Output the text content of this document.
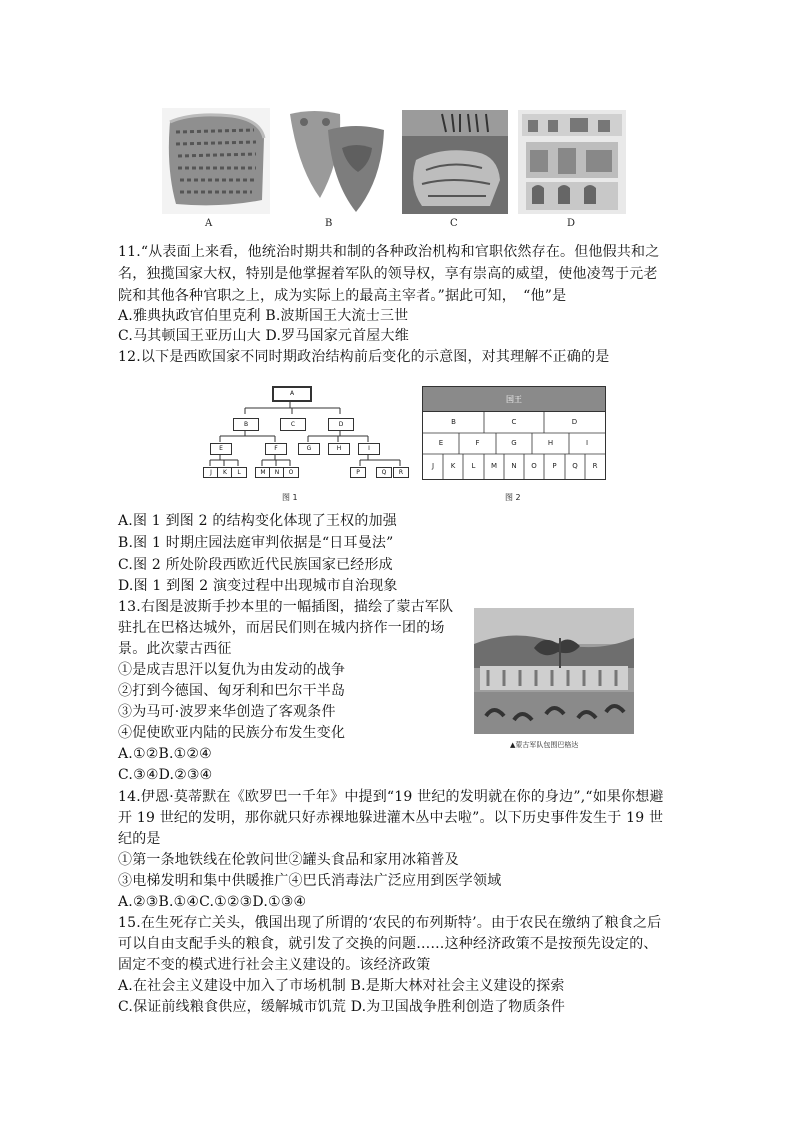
A	B	C	D
11.“从表面上来看，他统治时期共和制的各种政治机构和官职依然存在。但他假共和之
名，独揽国家大权，特别是他掌握着军队的领导权，享有崇高的威望，使他凌驾于元老
院和其他各种官职之上，成为实际上的最高主宰者。”据此可知，　“他”是
A.雅典执政官伯里克利 B.波斯国王大流士三世
C.马其顿国王亚历山大 D.罗马国家元首屋大维
12.以下是西欧国家不同时期政治结构前后变化的示意图，对其理解不正确的是
A
B	C	D
E	F	G	H	I
J	K	L	M	N	O	P	Q	R
图 1
国王
B	C	D
E	F	G	H	I
J	K	L	M	N	O	P	Q	R
图 2
A.图 1 到图 2 的结构变化体现了王权的加强
B.图 1 时期庄园法庭审判依据是“日耳曼法”
C.图 2 所处阶段西欧近代民族国家已经形成
D.图 1 到图 2 演变过程中出现城市自治现象
13.右图是波斯手抄本里的一幅插图，描绘了蒙古军队
驻扎在巴格达城外，而居民们则在城内挤作一团的场
景。此次蒙古西征
①是成吉思汗以复仇为由发动的战争
②打到今德国、匈牙利和巴尔干半岛
③为马可·波罗来华创造了客观条件
④促使欧亚内陆的民族分布发生变化
A.①②B.①②④
C.③④D.②③④
▲蒙古军队包围巴格达
14.伊恩·莫蒂默在《欧罗巴一千年》中提到“19 世纪的发明就在你的身边”,“如果你想避
开 19 世纪的发明，那你就只好赤裸地躲进灌木丛中去啦”。以下历史事件发生于 19 世
纪的是
①第一条地铁线在伦敦问世②罐头食品和家用冰箱普及
③电梯发明和集中供暖推广④巴氏消毒法广泛应用到医学领域
A.②③B.①④C.①②③D.①③④
15.在生死存亡关头，俄国出现了所谓的‘农民的布列斯特’。由于农民在缴纳了粮食之后
可以自由支配手头的粮食，就引发了交换的问题……这种经济政策不是按预先设定的、
固定不变的模式进行社会主义建设的。该经济政策
A.在社会主义建设中加入了市场机制 B.是斯大林对社会主义建设的探索
C.保证前线粮食供应，缓解城市饥荒 D.为卫国战争胜利创造了物质条件
